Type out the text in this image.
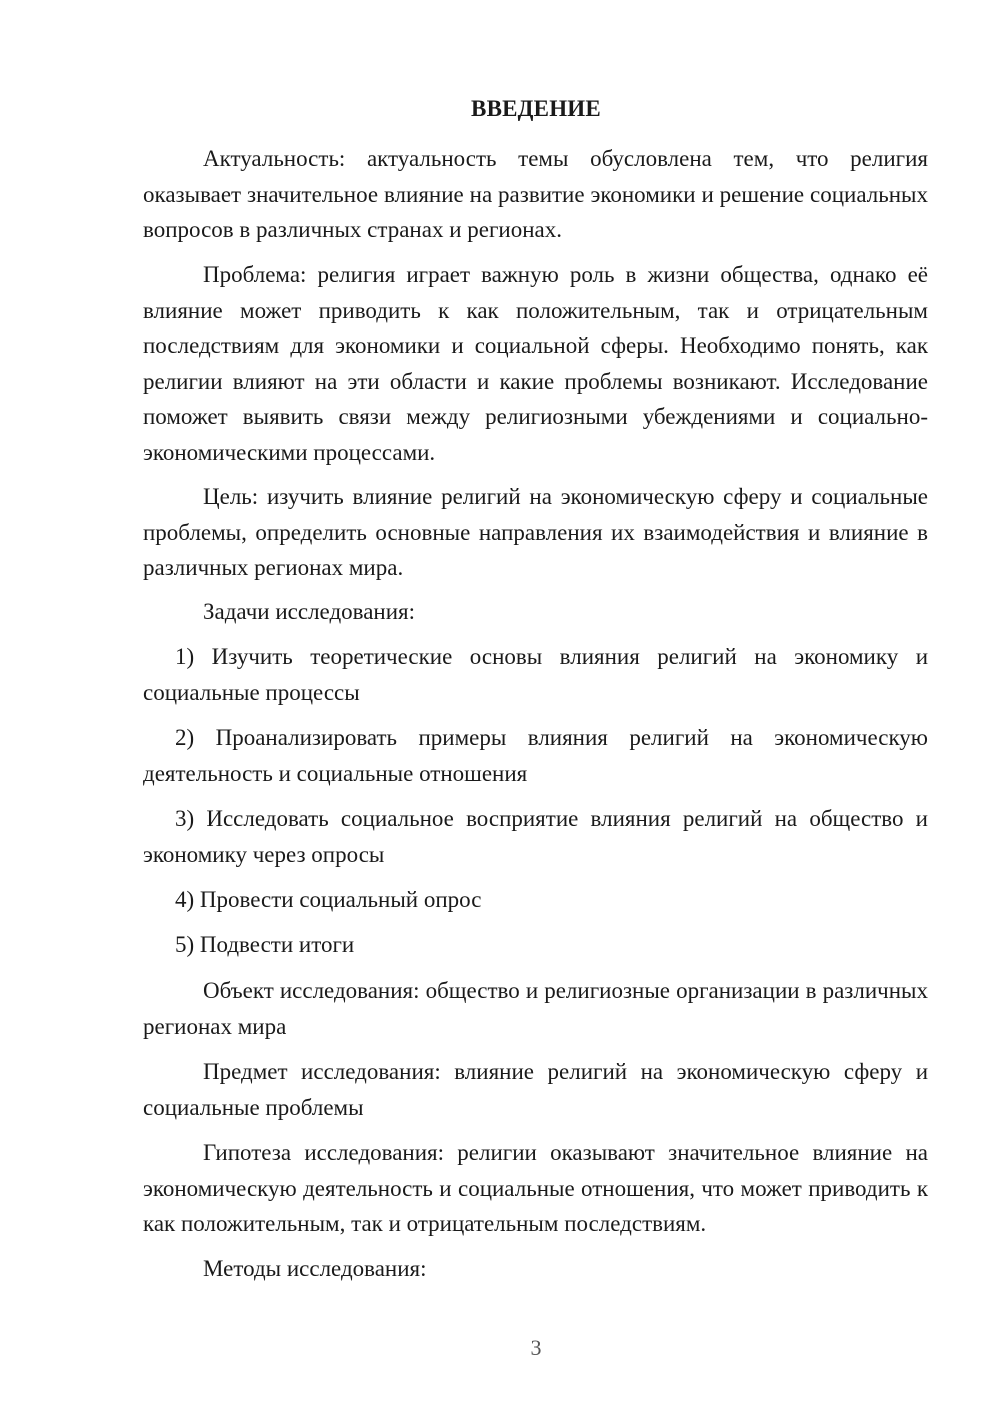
ВВЕДЕНИЕ

Актуальность: актуальность темы обусловлена тем, что религия оказывает значительное влияние на развитие экономики и решение социальных вопросов в различных странах и регионах.

Проблема: религия играет важную роль в жизни общества, однако её влияние может приводить к как положительным, так и отрицательным последствиям для экономики и социальной сферы. Необходимо понять, как религии влияют на эти области и какие проблемы возникают. Исследование поможет выявить связи между религиозными убеждениями и социально-экономическими процессами.

Цель: изучить влияние религий на экономическую сферу и социальные проблемы, определить основные направления их взаимодействия и влияние в различных регионах мира.

Задачи исследования:

1) Изучить теоретические основы влияния религий на экономику и социальные процессы

2) Проанализировать примеры влияния религий на экономическую деятельность и социальные отношения

3) Исследовать социальное восприятие влияния религий на общество и экономику через опросы

4) Провести социальный опрос

5) Подвести итоги

Объект исследования: общество и религиозные организации в различных регионах мира

Предмет исследования: влияние религий на экономическую сферу и социальные проблемы

Гипотеза исследования: религии оказывают значительное влияние на экономическую деятельность и социальные отношения, что может приводить к как положительным, так и отрицательным последствиям.

Методы исследования:

3
